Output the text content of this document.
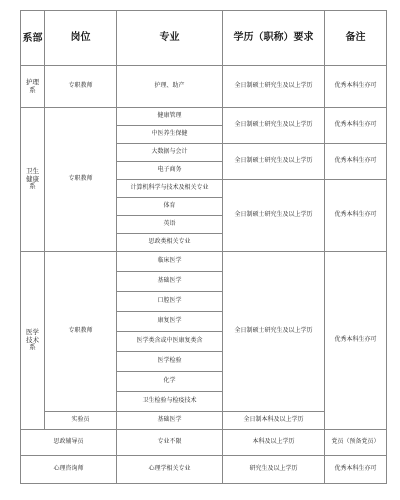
系部	岗位	专业	学历（职称）要求	备注
护理系	专职教师	护理、助产	全日制硕士研究生及以上学历	优秀本科生亦可
卫生健康系	专职教师	健康管理	全日制硕士研究生及以上学历	优秀本科生亦可
		中医养生保健		
		大数据与会计	全日制硕士研究生及以上学历	优秀本科生亦可
		电子商务		
		计算机科学与技术及相关专业	全日制硕士研究生及以上学历	优秀本科生亦可
		体育		
		英语		
		思政类相关专业		
医学技术系	专职教师	临床医学	全日制硕士研究生及以上学历	优秀本科生亦可
		基础医学		
		口腔医学		
		康复医学		
		医学类含或中医康复类含		
		医学检验		
		化学		
		卫生检验与检疫技术		
	实验员	基础医学	全日制本科及以上学历	
思政辅导员		专业不限	本科及以上学历	党员（预备党员）
心理咨询师		心理学相关专业	研究生及以上学历	优秀本科生亦可
